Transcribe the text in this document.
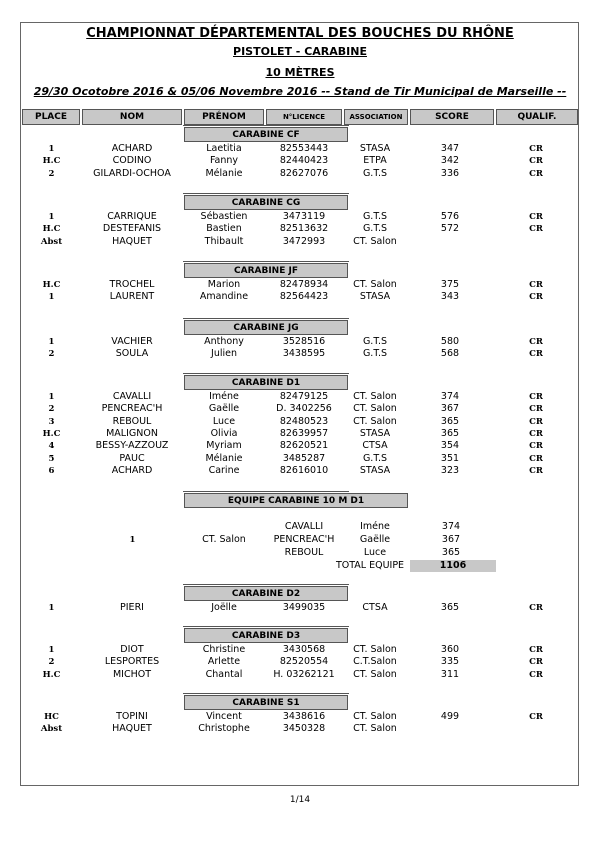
CHAMPIONNAT DÉPARTEMENTAL DES BOUCHES DU RHÔNE
PISTOLET - CARABINE
10 MÈTRES
29/30 Ocotobre 2016 & 05/06 Novembre 2016 -- Stand de Tir Municipal de Marseille --
PLACE	NOM	PRÉNOM	N°LICENCE	ASSOCIATION	SCORE	QUALIF.
CARABINE CF
1	ACHARD	Laetitia	82553443	STASA	347	CR
H.C	CODINO	Fanny	82440423	ETPA	342	CR
2	GILARDI-OCHOA	Mélanie	82627076	G.T.S	336	CR
CARABINE CG
1	CARRIQUE	Sébastien	3473119	G.T.S	576	CR
H.C	DESTEFANIS	Bastien	82513632	G.T.S	572	CR
Abst	HAQUET	Thibault	3472993	CT. Salon
CARABINE JF
H.C	TROCHEL	Marion	82478934	CT. Salon	375	CR
1	LAURENT	Amandine	82564423	STASA	343	CR
CARABINE JG
1	VACHIER	Anthony	3528516	G.T.S	580	CR
2	SOULA	Julien	3438595	G.T.S	568	CR
CARABINE D1
1	CAVALLI	Iméne	82479125	CT. Salon	374	CR
2	PENCREAC'H	Gaëlle	D. 3402256	CT. Salon	367	CR
3	REBOUL	Luce	82480523	CT. Salon	365	CR
H.C	MALIGNON	Olivia	82639957	STASA	365	CR
4	BESSY-AZZOUZ	Myriam	82620521	CTSA	354	CR
5	PAUC	Mélanie	3485287	G.T.S	351	CR
6	ACHARD	Carine	82616010	STASA	323	CR
CARABINE D2
1	PIERI	Joëlle	3499035	CTSA	365	CR
CARABINE D3
1	DIOT	Christine	3430568	CT. Salon	360	CR
2	LESPORTES	Arlette	82520554	C.T.Salon	335	CR
H.C	MICHOT	Chantal	H. 03262121	CT. Salon	311	CR
CARABINE S1
HC	TOPINI	Vincent	3438616	CT. Salon	499	CR
Abst	HAQUET	Christophe	3450328	CT. Salon
EQUIPE CARABINE 10 M D1
1	CT. Salon
CAVALLI	Iméne	374
PENCREAC'H	Gaëlle	367
REBOUL	Luce	365
TOTAL EQUIPE	1106
1/14
